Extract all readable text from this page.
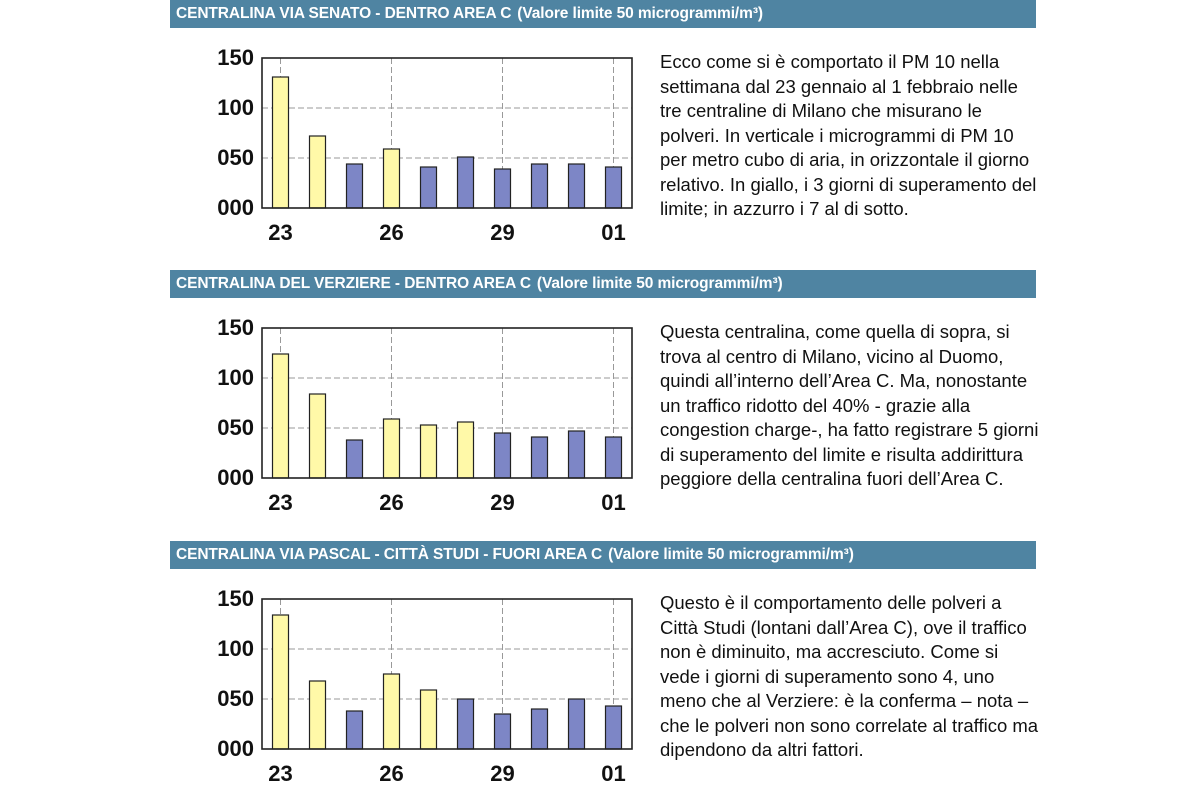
CENTRALINA VIA SENATO - DENTRO AREA C (Valore limite 50 microgrammi/m³)
000
050
100
150
23	26	29	01

Ecco come si è comportato il PM 10 nella settimana dal 23 gennaio al 1 febbraio nelle tre centraline di Milano che misurano le polveri. In verticale i microgrammi di PM 10 per metro cubo di aria, in orizzontale il giorno relativo. In giallo, i 3 giorni di superamento del limite; in azzurro i 7 al di sotto.

CENTRALINA DEL VERZIERE - DENTRO AREA C (Valore limite 50 microgrammi/m³)
000
050
100
150
23	26	29	01

Questa centralina, come quella di sopra, si trova al centro di Milano, vicino al Duomo, quindi all’interno dell’Area C. Ma, nonostante un traffico ridotto del 40% - grazie alla congestion charge-, ha fatto registrare 5 giorni di superamento del limite e risulta addirittura peggiore della centralina fuori dell’Area C.

CENTRALINA VIA PASCAL - CITTÀ STUDI - FUORI AREA C (Valore limite 50 microgrammi/m³)
000
050
100
150
23	26	29	01

Questo è il comportamento delle polveri a Città Studi (lontani dall’Area C), ove il traffico non è diminuito, ma accresciuto. Come si vede i giorni di superamento sono 4, uno meno che al Verziere: è la conferma – nota – che le polveri non sono correlate al traffico ma dipendono da altri fattori.
